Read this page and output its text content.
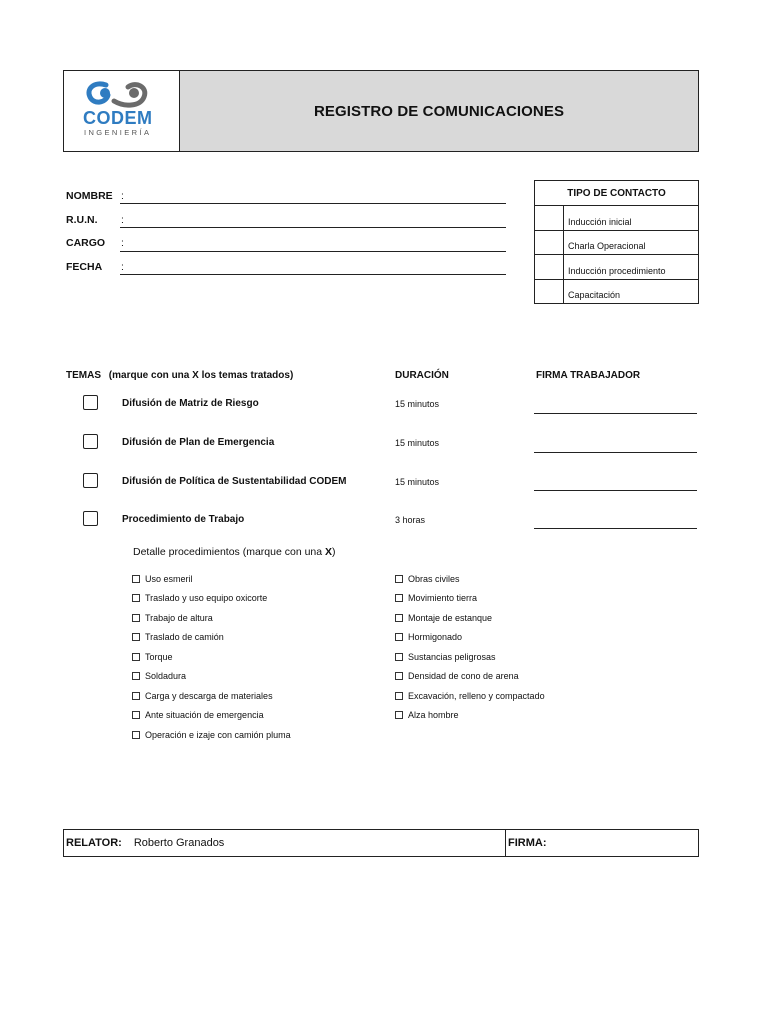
CODEM
INGENIERÍA
REGISTRO DE COMUNICACIONES
NOMBRE :
R.U.N. :
CARGO :
FECHA :
TIPO DE CONTACTO
Inducción inicial
Charla Operacional
Inducción procedimiento
Capacitación
TEMAS (marque con una X los temas tratados)	DURACIÓN	FIRMA TRABAJADOR
Difusión de Matriz de Riesgo	15 minutos
Difusión de Plan de Emergencia	15 minutos
Difusión de Política de Sustentabilidad CODEM	15 minutos
Procedimiento de Trabajo	3 horas
Detalle procedimientos (marque con una X)
Uso esmeril
Traslado y uso equipo oxicorte
Trabajo de altura
Traslado de camión
Torque
Soldadura
Carga y descarga de materiales
Ante situación de emergencia
Operación e izaje con camión pluma
Obras civiles
Movimiento tierra
Montaje de estanque
Hormigonado
Sustancias peligrosas
Densidad de cono de arena
Excavación, relleno y compactado
Alza hombre
RELATOR: Roberto Granados	FIRMA:
